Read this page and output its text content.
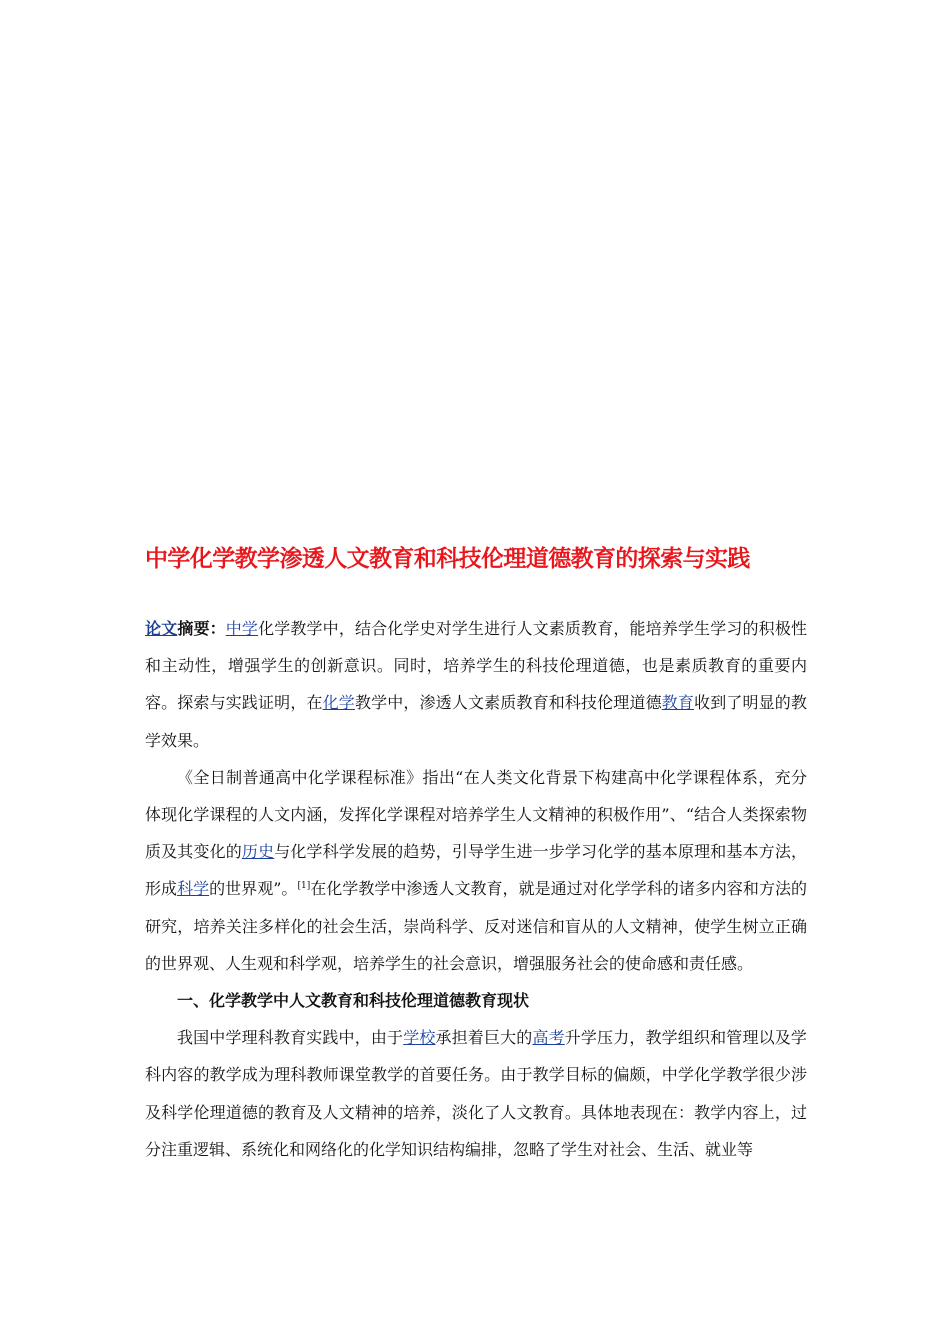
中学化学教学渗透人文教育和科技伦理道德教育的探索与实践

论文摘要：中学化学教学中，结合化学史对学生进行人文素质教育，能培养学生学习的积极性和主动性，增强学生的创新意识。同时，培养学生的科技伦理道德，也是素质教育的重要内容。探索与实践证明，在化学教学中，渗透人文素质教育和科技伦理道德教育收到了明显的教学效果。

《全日制普通高中化学课程标准》指出“在人类文化背景下构建高中化学课程体系，充分体现化学课程的人文内涵，发挥化学课程对培养学生人文精神的积极作用”、“结合人类探索物质及其变化的历史与化学科学发展的趋势，引导学生进一步学习化学的基本原理和基本方法，形成科学的世界观”。[1]在化学教学中渗透人文教育，就是通过对化学学科的诸多内容和方法的研究，培养关注多样化的社会生活，崇尚科学、反对迷信和盲从的人文精神，使学生树立正确的世界观、人生观和科学观，培养学生的社会意识，增强服务社会的使命感和责任感。

一、化学教学中人文教育和科技伦理道德教育现状

我国中学理科教育实践中，由于学校承担着巨大的高考升学压力，教学组织和管理以及学科内容的教学成为理科教师课堂教学的首要任务。由于教学目标的偏颇，中学化学教学很少涉及科学伦理道德的教育及人文精神的培养，淡化了人文教育。具体地表现在：教学内容上，过分注重逻辑、系统化和网络化的化学知识结构编排，忽略了学生对社会、生活、就业等
